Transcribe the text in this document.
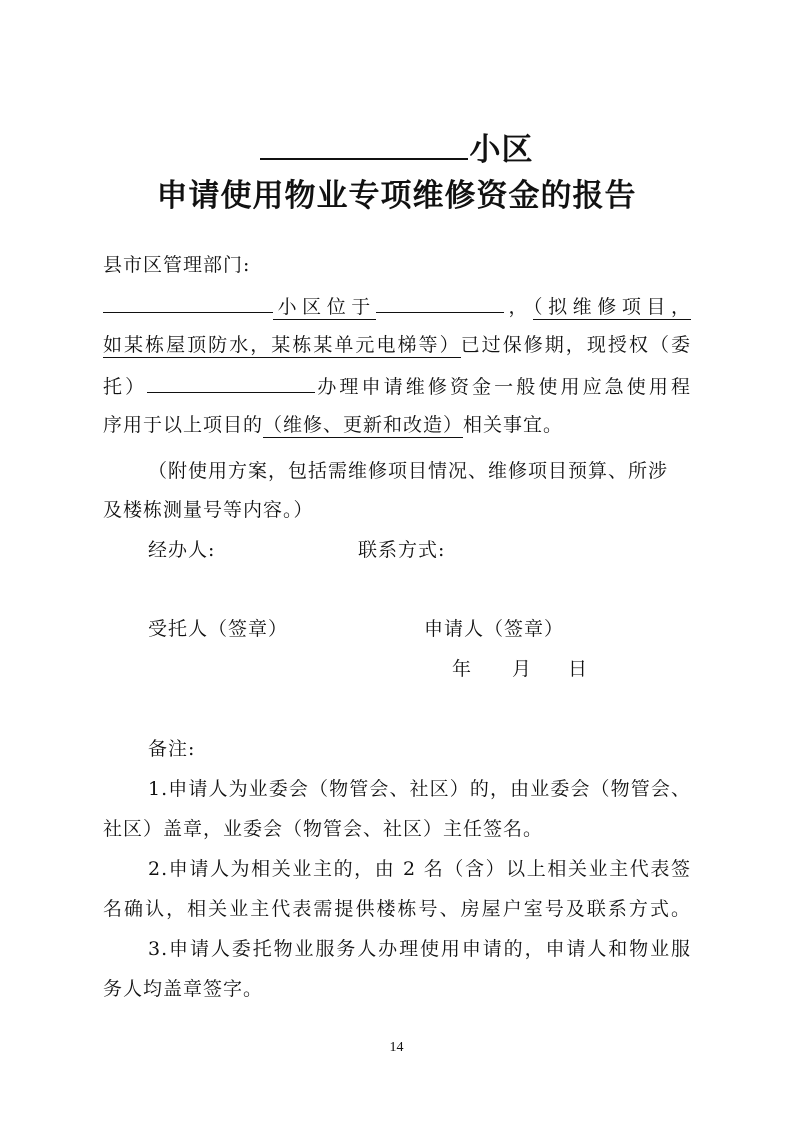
小区
申请使用物业专项维修资金的报告
县市区管理部门:
小区位于	，（拟维修项目，
如某栋屋顶防水，某栋某单元电梯等）已过保修期，现授权（委
托）	办理申请维修资金一般使用应急使用程
序用于以上项目的（维修、更新和改造）相关事宜。
（附使用方案，包括需维修项目情况、维修项目预算、所涉
及楼栋测量号等内容。）
经办人:	联系方式:
受托人（签章）	申请人（签章）
年 月 日
备注:
1.申请人为业委会（物管会、社区）的，由业委会（物管会、
社区）盖章，业委会（物管会、社区）主任签名。
2.申请人为相关业主的，由 2 名（含）以上相关业主代表签
名确认，相关业主代表需提供楼栋号、房屋户室号及联系方式。
3.申请人委托物业服务人办理使用申请的，申请人和物业服
务人均盖章签字。
14
